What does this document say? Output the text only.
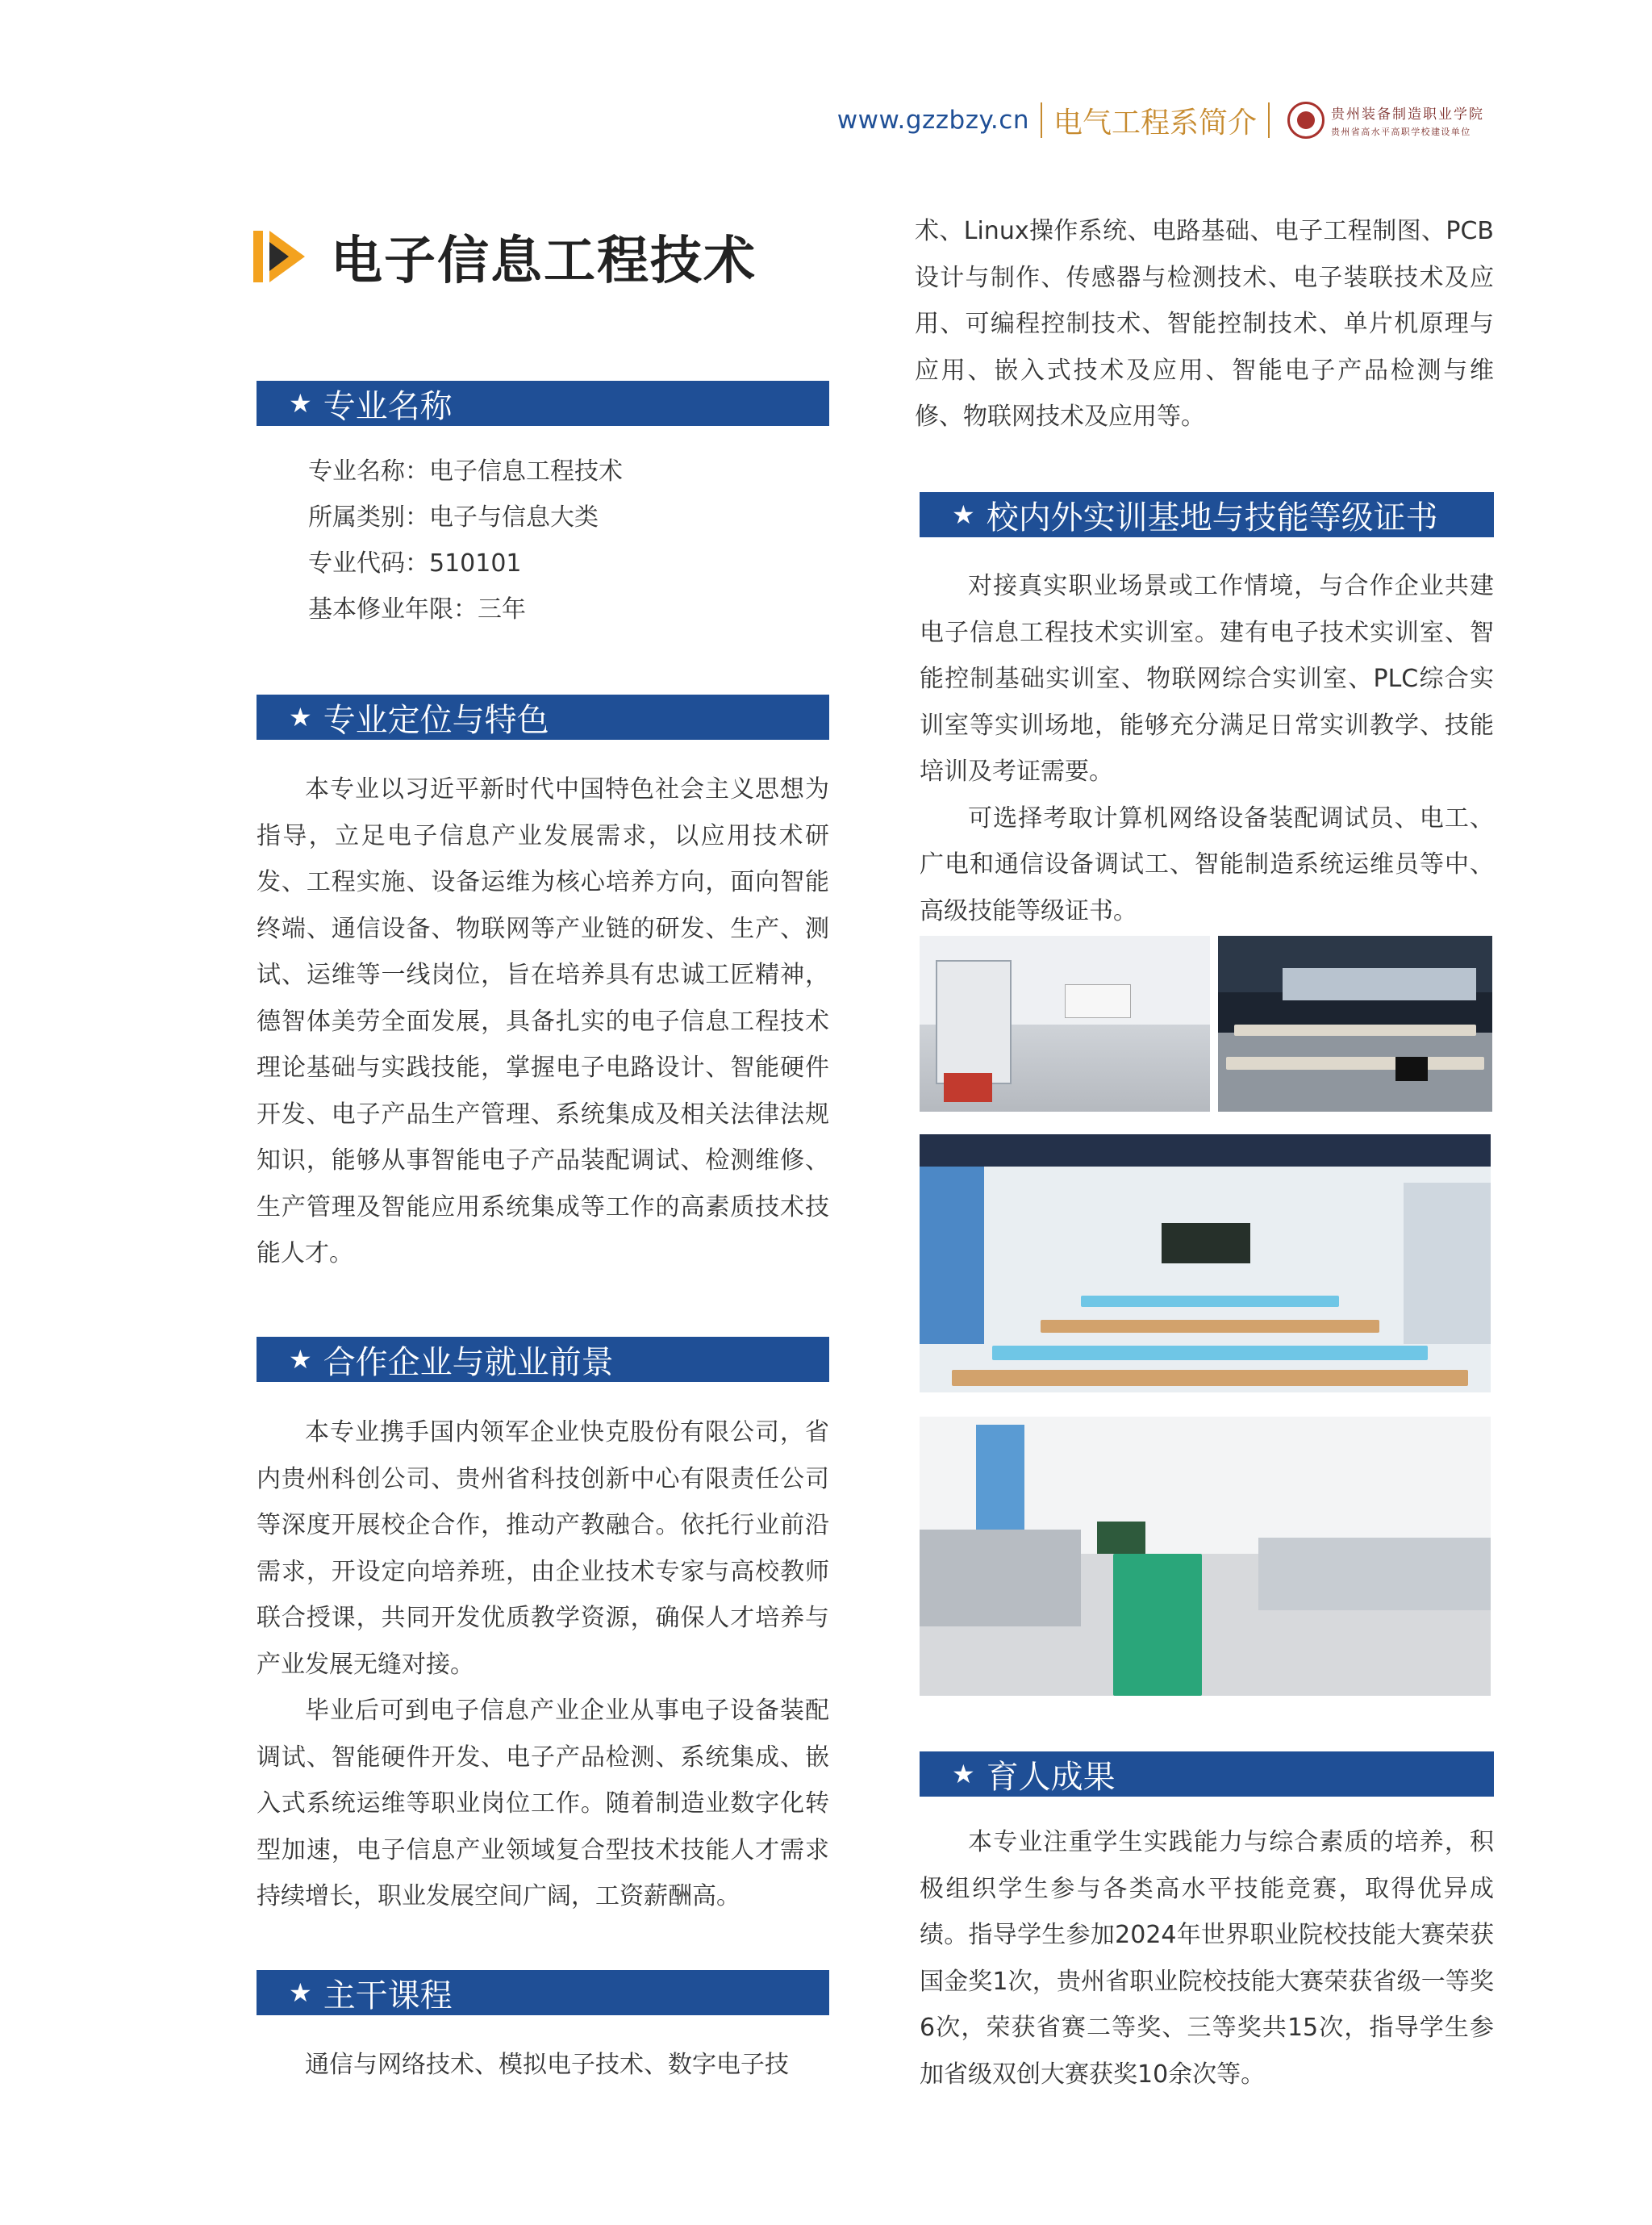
www.gzzbzy.cn 电气工程系简介	贵州装备制造职业学院
贵州省高水平高职学校建设单位
电子信息工程技术
★ 专业名称
专业名称：电子信息工程技术
所属类别：电子与信息大类
专业代码：510101
基本修业年限：三年
★ 专业定位与特色

本专业以习近平新时代中国特色社会主义思想为指导，立足电子信息产业发展需求，以应用技术研发、工程实施、设备运维为核心培养方向，面向智能终端、通信设备、物联网等产业链的研发、生产、测试、运维等一线岗位，旨在培养具有忠诚工匠精神，德智体美劳全面发展，具备扎实的电子信息工程技术理论基础与实践技能，掌握电子电路设计、智能硬件开发、电子产品生产管理、系统集成及相关法律法规知识，能够从事智能电子产品装配调试、检测维修、生产管理及智能应用系统集成等工作的高素质技术技能人才。

★ 合作企业与就业前景

本专业携手国内领军企业快克股份有限公司，省内贵州科创公司、贵州省科技创新中心有限责任公司等深度开展校企合作，推动产教融合。依托行业前沿需求，开设定向培养班，由企业技术专家与高校教师联合授课，共同开发优质教学资源，确保人才培养与产业发展无缝对接。

毕业后可到电子信息产业企业从事电子设备装配调试、智能硬件开发、电子产品检测、系统集成、嵌入式系统运维等职业岗位工作。随着制造业数字化转型加速，电子信息产业领域复合型技术技能人才需求持续增长，职业发展空间广阔，工资薪酬高。

★ 主干课程

通信与网络技术、模拟电子技术、数字电子技

术、Linux操作系统、电路基础、电子工程制图、PCB设计与制作、传感器与检测技术、电子装联技术及应用、可编程控制技术、智能控制技术、单片机原理与应用、嵌入式技术及应用、智能电子产品检测与维修、物联网技术及应用等。

★ 校内外实训基地与技能等级证书

对接真实职业场景或工作情境，与合作企业共建电子信息工程技术实训室。建有电子技术实训室、智能控制基础实训室、物联网综合实训室、PLC综合实训室等实训场地，能够充分满足日常实训教学、技能培训及考证需要。

可选择考取计算机网络设备装配调试员、电工、广电和通信设备调试工、智能制造系统运维员等中、高级技能等级证书。

★ 育人成果

本专业注重学生实践能力与综合素质的培养，积极组织学生参与各类高水平技能竞赛，取得优异成绩。指导学生参加2024年世界职业院校技能大赛荣获国金奖1次，贵州省职业院校技能大赛荣获省级一等奖6次，荣获省赛二等奖、三等奖共15次，指导学生参加省级双创大赛获奖10余次等。
